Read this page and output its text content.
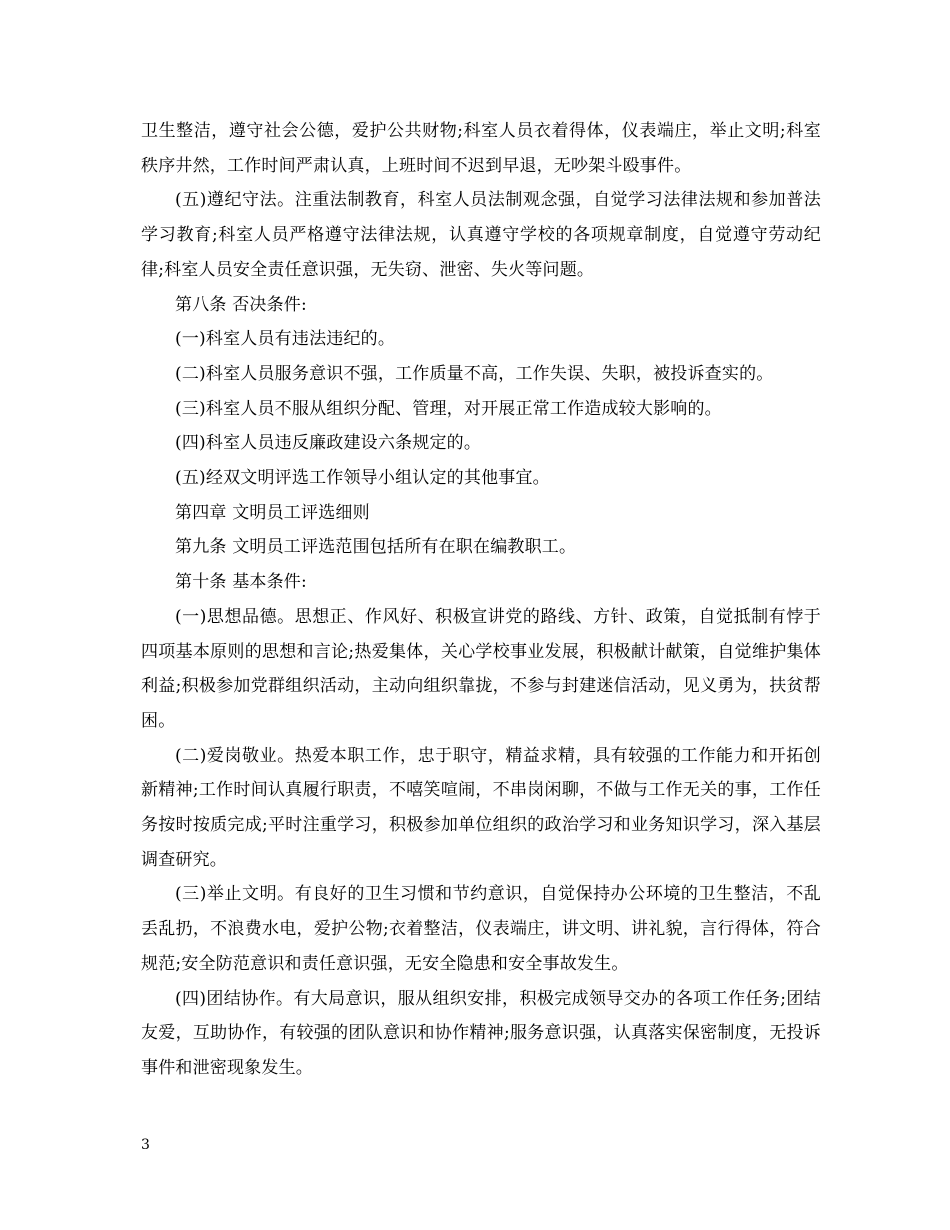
卫生整洁，遵守社会公德，爱护公共财物;科室人员衣着得体，仪表端庄，举止文明;科室秩序井然，工作时间严肃认真，上班时间不迟到早退，无吵架斗殴事件。

(五)遵纪守法。注重法制教育，科室人员法制观念强，自觉学习法律法规和参加普法学习教育;科室人员严格遵守法律法规，认真遵守学校的各项规章制度，自觉遵守劳动纪律;科室人员安全责任意识强，无失窃、泄密、失火等问题。

第八条 否决条件:

(一)科室人员有违法违纪的。

(二)科室人员服务意识不强，工作质量不高，工作失误、失职，被投诉查实的。

(三)科室人员不服从组织分配、管理，对开展正常工作造成较大影响的。

(四)科室人员违反廉政建设六条规定的。

(五)经双文明评选工作领导小组认定的其他事宜。

第四章 文明员工评选细则

第九条 文明员工评选范围包括所有在职在编教职工。

第十条 基本条件:

(一)思想品德。思想正、作风好、积极宣讲党的路线、方针、政策，自觉抵制有悖于四项基本原则的思想和言论;热爱集体，关心学校事业发展，积极献计献策，自觉维护集体利益;积极参加党群组织活动，主动向组织靠拢，不参与封建迷信活动，见义勇为，扶贫帮困。

(二)爱岗敬业。热爱本职工作，忠于职守，精益求精，具有较强的工作能力和开拓创新精神;工作时间认真履行职责，不嘻笑喧闹，不串岗闲聊，不做与工作无关的事，工作任务按时按质完成;平时注重学习，积极参加单位组织的政治学习和业务知识学习，深入基层调查研究。

(三)举止文明。有良好的卫生习惯和节约意识，自觉保持办公环境的卫生整洁，不乱丢乱扔，不浪费水电，爱护公物;衣着整洁，仪表端庄，讲文明、讲礼貌，言行得体，符合规范;安全防范意识和责任意识强，无安全隐患和安全事故发生。

(四)团结协作。有大局意识，服从组织安排，积极完成领导交办的各项工作任务;团结友爱，互助协作，有较强的团队意识和协作精神;服务意识强，认真落实保密制度，无投诉事件和泄密现象发生。

3
